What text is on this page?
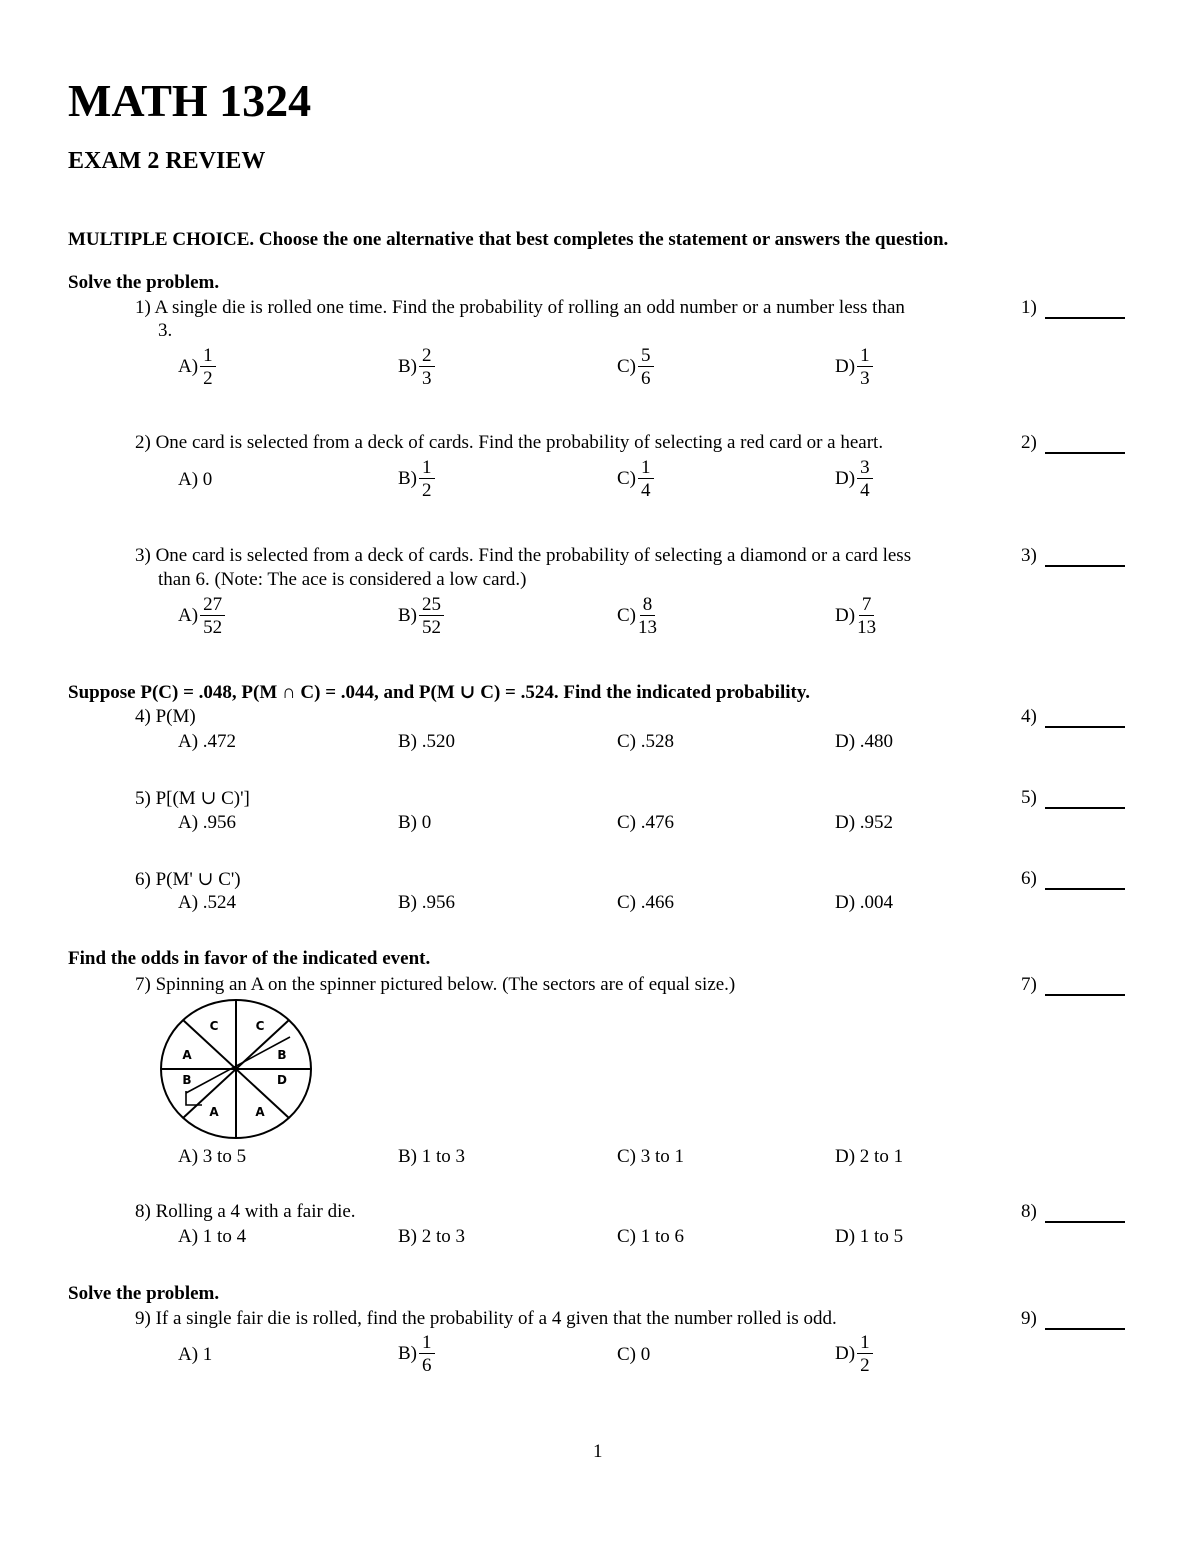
MATH 1324
EXAM 2 REVIEW
MULTIPLE CHOICE. Choose the one alternative that best completes the statement or answers the question.
Solve the problem.
1) A single die is rolled one time. Find the probability of rolling an odd number or a number less than
3.
1)
$A) \frac{1}{2}$	$B) \frac{2}{3}$	$C) \frac{5}{6}$	$D) \frac{1}{3}$
2) One card is selected from a deck of cards. Find the probability of selecting a red card or a heart.	2)
A) 0	$B) \frac{1}{2}$	$C) \frac{1}{4}$	$D) \frac{3}{4}$
3) One card is selected from a deck of cards. Find the probability of selecting a diamond or a card less
than 6. (Note: The ace is considered a low card.)
3)
$A) \frac{27}{52}$	$B) \frac{25}{52}$	$C) \frac{8}{13}$	$D) \frac{7}{13}$
Suppose P(C) = .048, P(M ∩ C) = .044, and P(M ∪ C) = .524. Find the indicated probability.
4) P(M)	4)
A) .472	B) .520	C) .528	D) .480
5) P[(M ∪ C)']	5)
A) .956	B) 0	C) .476	D) .952
6) P(M' ∪ C')	6)
A) .524	B) .956	C) .466	D) .004
Find the odds in favor of the indicated event.
7) Spinning an A on the spinner pictured below. (The sectors are of equal size.)	7)
C	C
B
D
A
A
B
A
A) 3 to 5	B) 1 to 3	C) 3 to 1	D) 2 to 1
8) Rolling a 4 with a fair die.	8)
A) 1 to 4	B) 2 to 3	C) 1 to 6	D) 1 to 5
Solve the problem.
9) If a single fair die is rolled, find the probability of a 4 given that the number rolled is odd.	9)
A) 1	$B) \frac{1}{6}$	C) 0	$D) \frac{1}{2}$
1
